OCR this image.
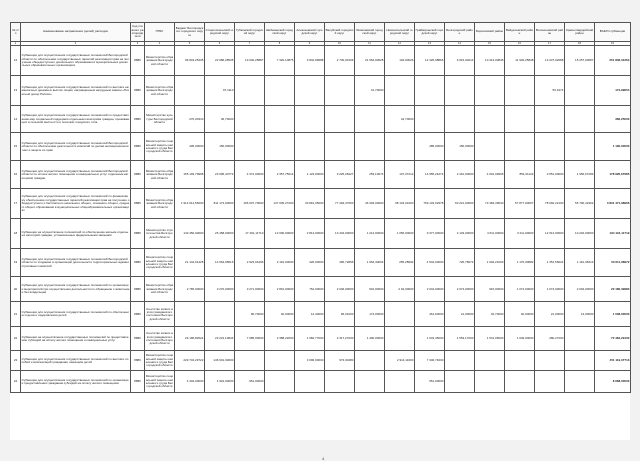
№ п/п	Наименование направления (целей) расходов	Код главного распорядителя	ГРБС	Бюджет Белгородского городского округа	Старооскольский городской округ	Губкинский городской округ	Шебекинский городской округ	Алексеевский городской округ	Валуйский городской округ	Яковлевский городской округ	Новооскольский городской округ	Грайворонский городской округ	Белгородский район	Борисовский район	Вейделевский район	Волоконовский район	Красногвардейский район	ВСЕГО субвенции
1	2	3	4	5	6	7	8	9	10	11	12	13	14	15	16	17	18	19
12	Субвенции для осуществления государственных полномочий Белгородской области по обеспечению государственных гарантий реализации прав на получение общедоступного дошкольного образования в муниципальных дошкольных образовательных организациях	8886	Министерство образования Белгородской области	96 843,25435	22 086,28535	13 040,25887	7 320,10876	3 842,99988	2 730,00166	21 664,00028	104,00026	14 326,08866	6 615,00214	10 413,00845	11 902,25848	13 237,02688	15 257,00087	251 836,31264
13	Субвенции для осуществления государственных полномочий по выплате ежемесячных денежных выплат лицам, награжденным нагрудным знаком «Почетный донор России»	8886	Министерство образования Белгородской области		97,1110					41,70000						56,1974		174,99654
14	Субвенции для осуществления государственных полномочий по предоставлению мер социальной поддержки отдельным категориям граждан, проживающих в сельской местности и поселках городского типа	8886	Министерство культуры Белгородской области	276,00310	46,70000						44,70000							382,25000
15	Субвенции для осуществления государственных полномочий Белгородской области по обеспечению деятельности комиссий по делам несовершеннолетних и защите их прав	8886	Министерство социальной защиты населения и труда Белгородской области	405,00000	150,00000							485,00000	150,00000					1 190,00000
16	Субвенции для осуществления государственных полномочий Белгородской области по оплате жилого помещения и коммунальных услуг отдельным категориям граждан	8886	Министерство образования Белгородской области	155 103,79998	23 005,40772	4 372,00000	2 357,75614	1 123,00000	3 225,28427	253,10074	137,07212	14 955,24274	2 410,00000	4 091,09906	854,31132	3 651,00000	1 956,67283	178 995,67985
17	Субвенции для осуществления государственных полномочий по финансовому обеспечению государственных гарантий реализации прав на получение общедоступного и бесплатного начального общего, основного общего, среднего общего образования в муниципальных общеобразовательных организациях	8886	Министерство образования Белгородской области	1 914 614,56000	811 173,00000	166 037,70000	147 045,27200	33 810,35000	77 494,37000	46 303,00000	38 143,01000	769 133,02978	60 221,00000	73 484,39540	57 877,00007	78 092,22100	56 790,42302	3 831 471,38906
18	Субвенции на осуществление полномочий по обеспечению жильем отдельных категорий граждан, установленных федеральными законами	8886	Министерство строительства Белгородской области	143 450,00000	26 458,00000	17 491,11719	12 000,00000	2 814,00000	13 434,00000	1 214,00000	1 056,00000	9 377,00000	2 133,00000	4 611,00000	3 211,00000	12 012,00000	10 204,00000	194 191,11719
19	Субвенции для осуществления государственных полномочий Белгородской области по созданию и организации деятельности территориальных административных комиссий	8886	Министерство социальной защиты населения и труда Белгородской области	21 144,61428	14 064,08015	2 923,04496	2 191,00000	326,00000	496,72895	1 664,40064	255,28992	4 544,00000	726,78672	1 602,21000	1 176,00882	1 351,56624	1 161,38413	53 611,08972
20	Субвенции для осуществления государственных полномочий по организации мероприятий при осуществлении деятельности по обращению с животными без владельцев	8886	Министерство образования Белгородской области	2 765,00000	3 270,00000	3 271,00000	2 801,00000	764,00000	2 046,00000	901,00000	2 04,00000	2 044,00000	2 074,00000	915,00000	1 074,00000	1 074,00000	2 004,00000	20 180,39980
21	Субвенции для осуществления государственных полномочий по обеспечению отдыха и оздоровления детей	8886	Агентство записи актов гражданского состояния Белгородской области			96,70000	40,00000	12,40000	96,01000	174,00000		461,60000	21,00000	32,70000	40,00000	21,00000	13,00000	1 008,00000
22	Субвенции на осуществление государственных полномочий по предоставлению субсидий на оплату жилого помещения и коммунальных услуг	8886	Агентство записи актов гражданского состояния Белгородской области	26 190,82524	23 231,10844	7 685,00000	2 388,22000	1 982,77000	2 317,27000	1 490,00000		1 643,45000	1 553,17000	1 541,05000	1 049,00000	280,27200		70 484,29130
23	Субвенции для осуществления государственных полномочий по выплате пособий и компенсаций гражданам, имеющим детей	8886	Министерство социальной защиты населения и труда Белгородской области	229 734,29722	146 601,00000			3 096,00000	973,00480		2 914,11000	7 346,74000						451 119,37713
24	Субвенции для осуществления государственных полномочий по организации предоставления гражданам субсидий на оплату жилого помещения	8886	Министерство социальной защиты населения и труда Белгородской области	4 404,00000	1 922,00000	951,00000						951,00000						8 668,00000
4
